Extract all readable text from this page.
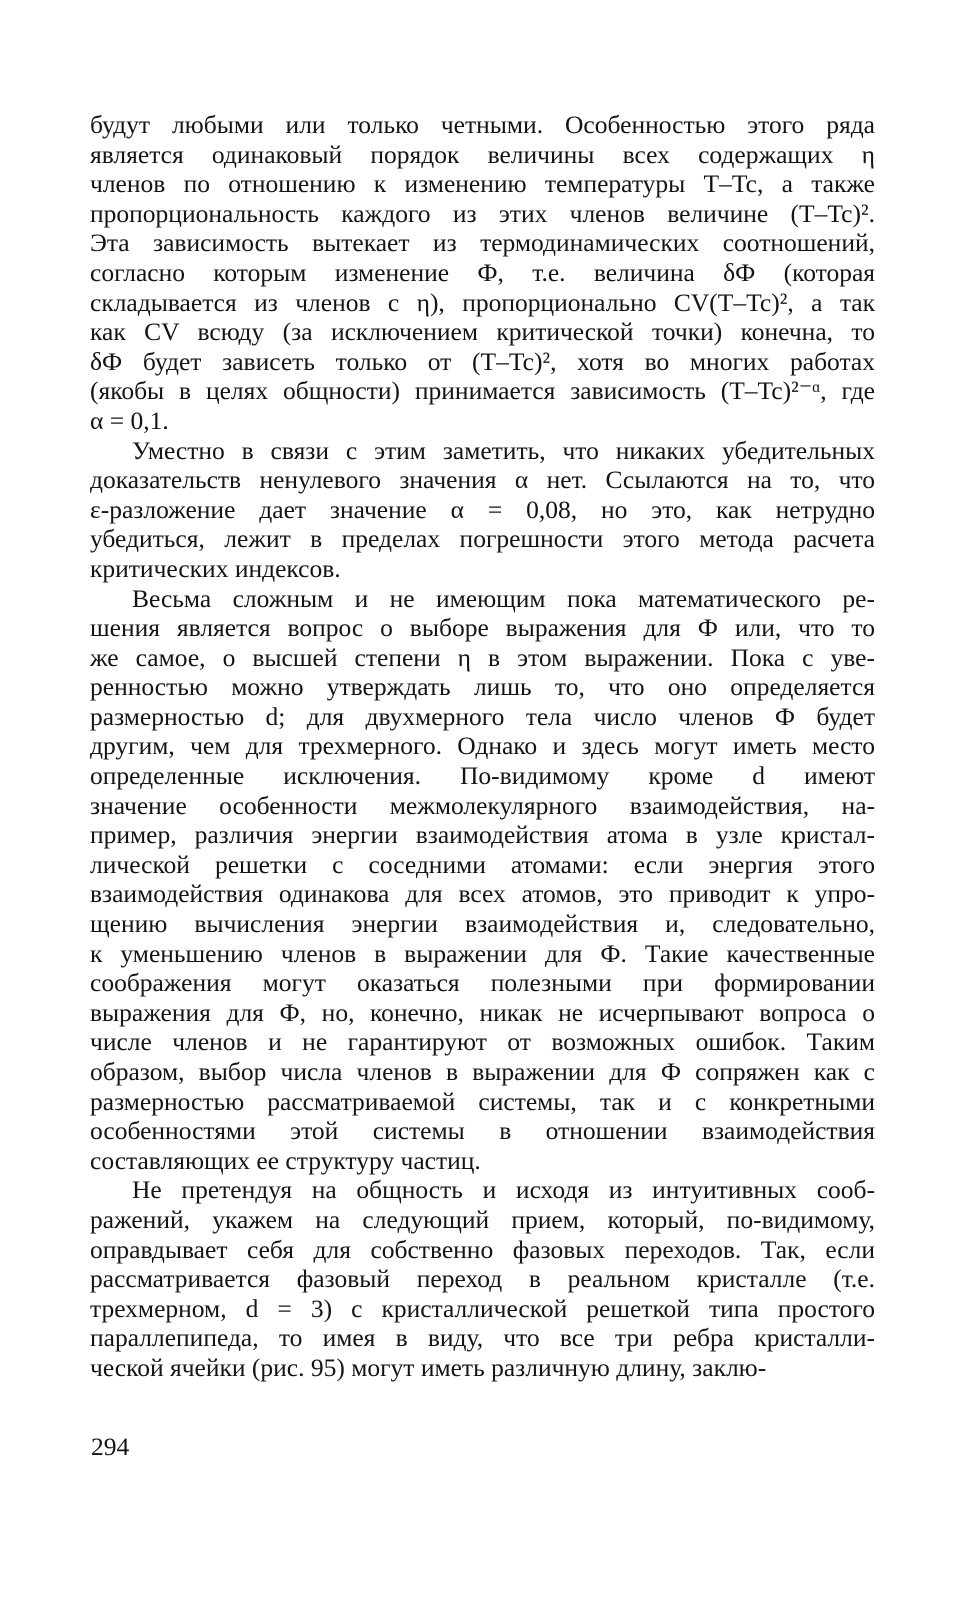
будут любыми или только четными. Особенностью этого ряда
является одинаковый порядок величины всех содержащих η
членов по отношению к изменению температуры T–Tc, а также
пропорциональность каждого из этих членов величине (T–Tc)².
Эта зависимость вытекает из термодинамических соотношений,
согласно которым изменение Ф, т.е. величина δФ (которая
складывается из членов с η), пропорционально CV(T–Tc)², а так
как CV всюду (за исключением критической точки) конечна, то
δФ будет зависеть только от (T–Tc)², хотя во многих работах
(якобы в целях общности) принимается зависимость (T–Tc)²⁻ᵅ, где
α = 0,1.
Уместно в связи с этим заметить, что никаких убедительных
доказательств ненулевого значения α нет. Ссылаются на то, что
ε-разложение дает значение α = 0,08, но это, как нетрудно
убедиться, лежит в пределах погрешности этого метода расчета
критических индексов.
Весьма сложным и не имеющим пока математического ре-
шения является вопрос о выборе выражения для Ф или, что то
же самое, о высшей степени η в этом выражении. Пока с уве-
ренностью можно утверждать лишь то, что оно определяется
размерностью d; для двухмерного тела число членов Ф будет
другим, чем для трехмерного. Однако и здесь могут иметь место
определенные исключения. По-видимому кроме d имеют
значение особенности межмолекулярного взаимодействия, на-
пример, различия энергии взаимодействия атома в узле кристал-
лической решетки с соседними атомами: если энергия этого
взаимодействия одинакова для всех атомов, это приводит к упро-
щению вычисления энергии взаимодействия и, следовательно,
к уменьшению членов в выражении для Ф. Такие качественные
соображения могут оказаться полезными при формировании
выражения для Ф, но, конечно, никак не исчерпывают вопроса о
числе членов и не гарантируют от возможных ошибок. Таким
образом, выбор числа членов в выражении для Ф сопряжен как с
размерностью рассматриваемой системы, так и с конкретными
особенностями этой системы в отношении взаимодействия
составляющих ее структуру частиц.
Не претендуя на общность и исходя из интуитивных сооб-
ражений, укажем на следующий прием, который, по-видимому,
оправдывает себя для собственно фазовых переходов. Так, если
рассматривается фазовый переход в реальном кристалле (т.е.
трехмерном, d = 3) с кристаллической решеткой типа простого
параллепипеда, то имея в виду, что все три ребра кристалли-
ческой ячейки (рис. 95) могут иметь различную длину, заклю-
294
